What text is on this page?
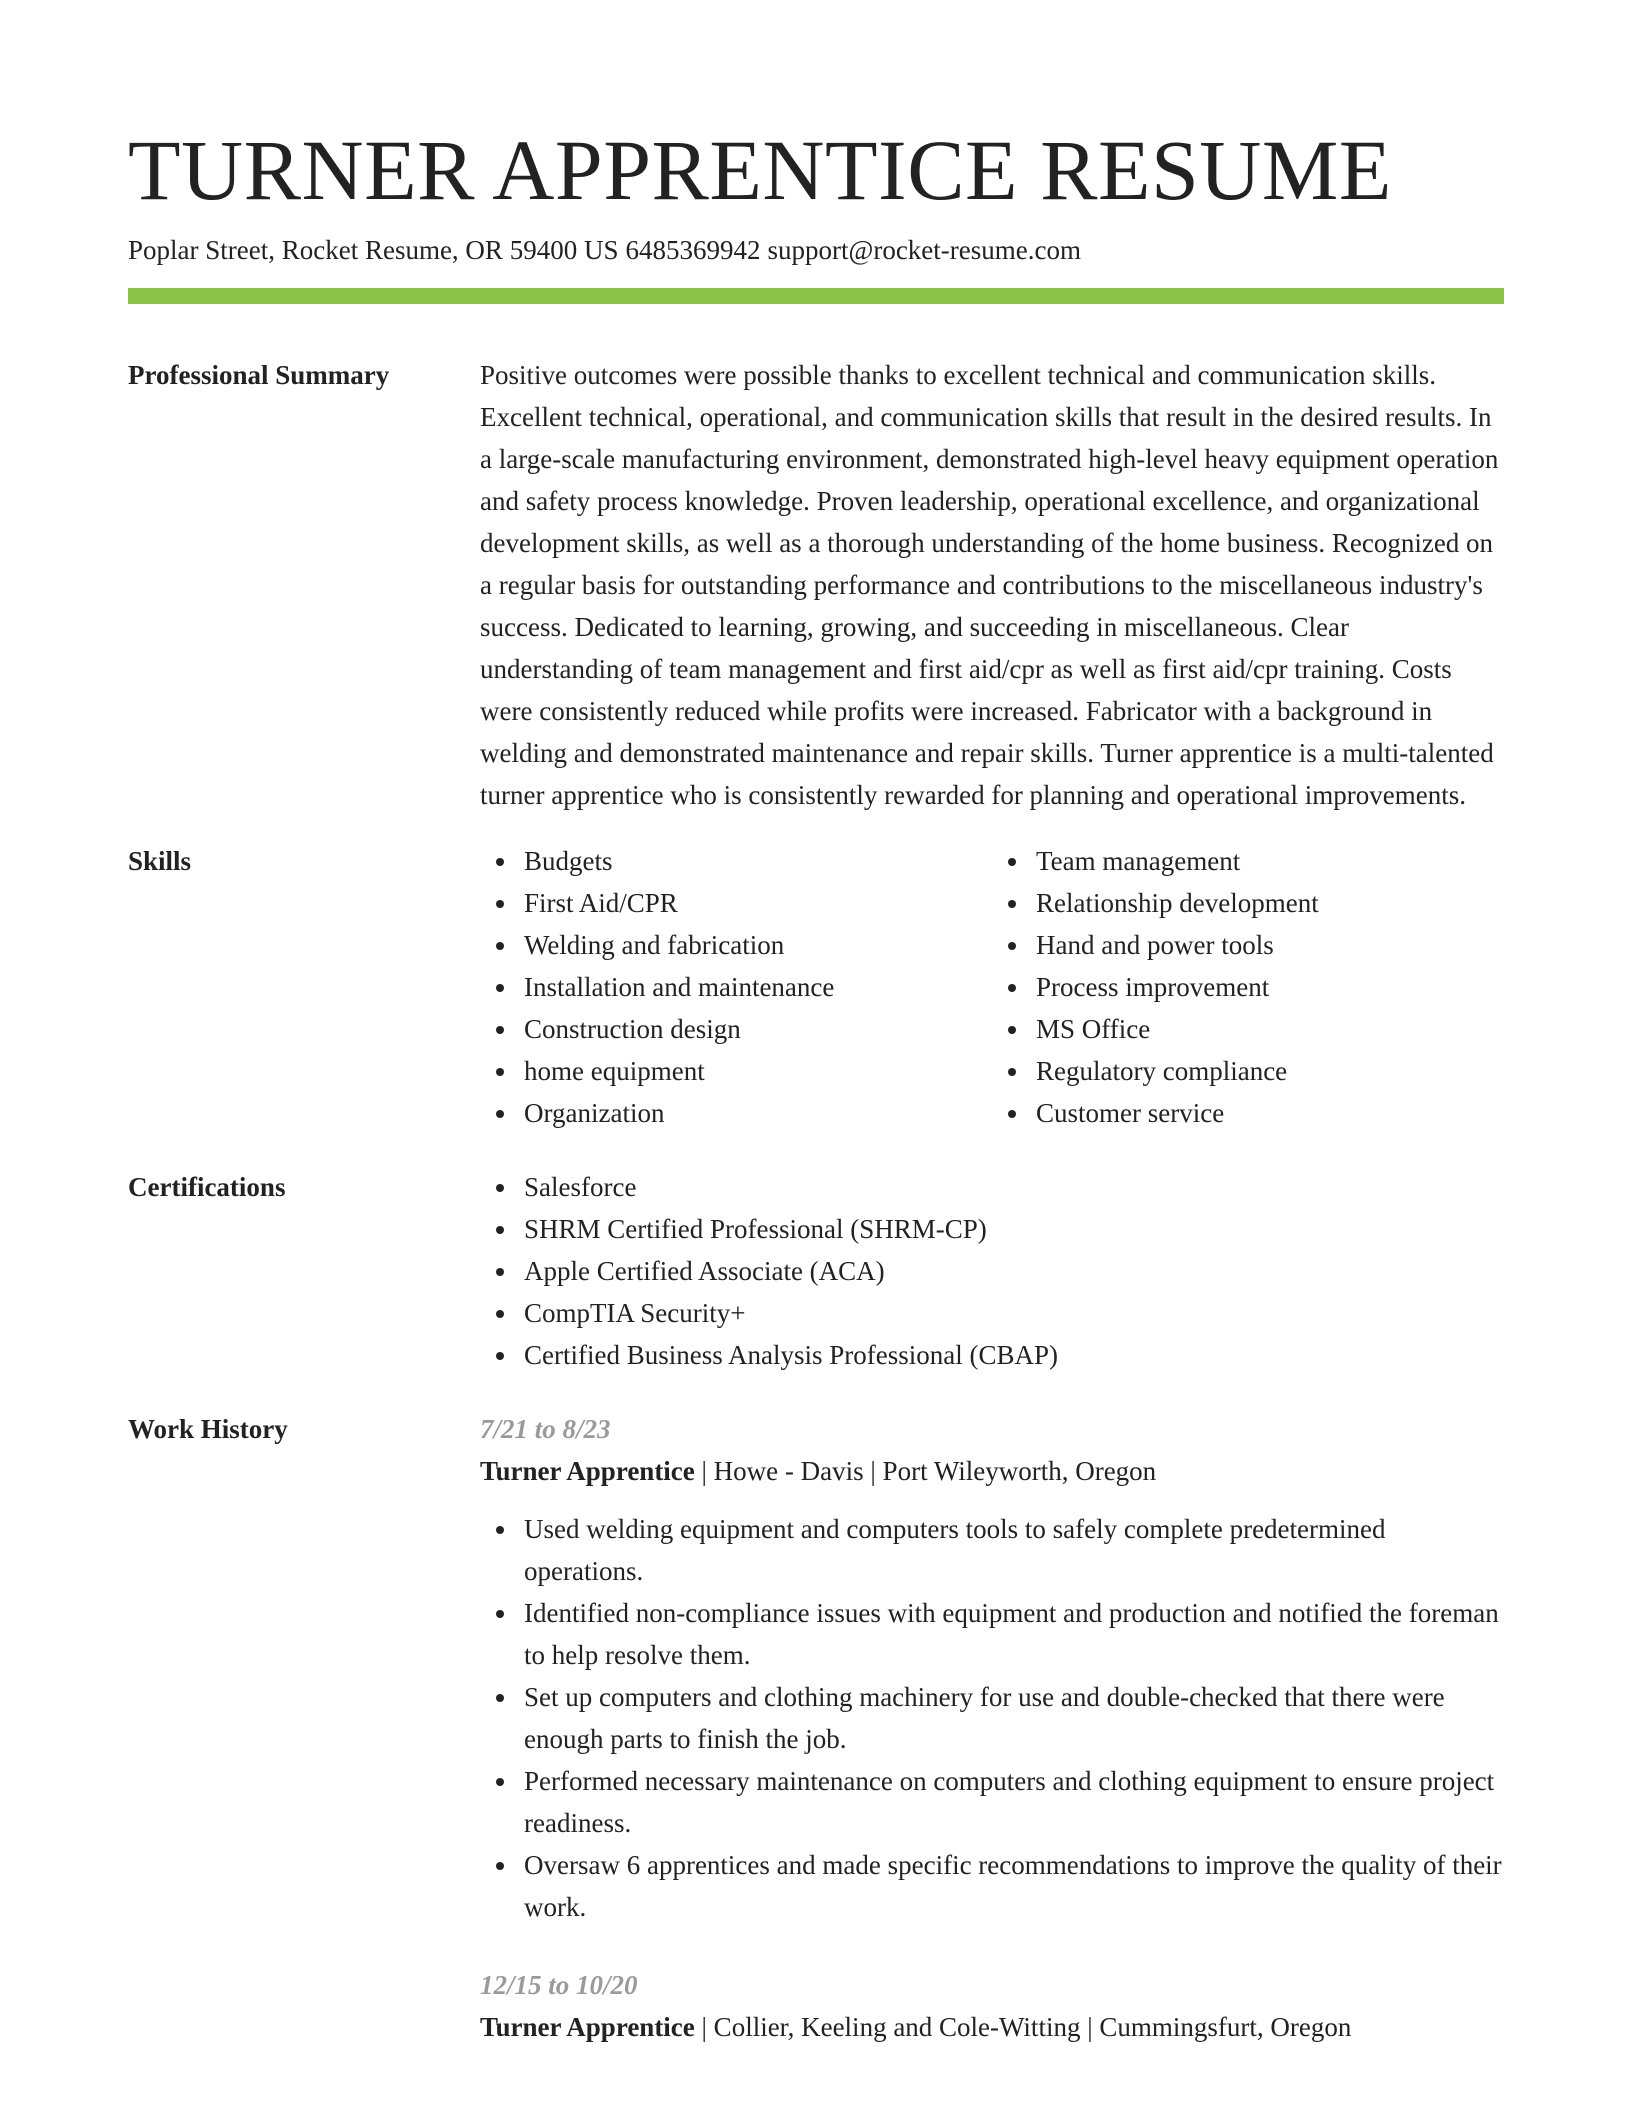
TURNER APPRENTICE RESUME
Poplar Street, Rocket Resume, OR 59400 US 6485369942 support@rocket-resume.com
Professional Summary	Positive outcomes were possible thanks to excellent technical and communication skills. Excellent technical, operational, and communication skills that result in the desired results. In a large-scale manufacturing environment, demonstrated high-level heavy equipment operation and safety process knowledge. Proven leadership, operational excellence, and organizational development skills, as well as a thorough understanding of the home business. Recognized on a regular basis for outstanding performance and contributions to the miscellaneous industry's success. Dedicated to learning, growing, and succeeding in miscellaneous. Clear understanding of team management and first aid/cpr as well as first aid/cpr training. Costs were consistently reduced while profits were increased. Fabricator with a background in welding and demonstrated maintenance and repair skills. Turner apprentice is a multi-talented turner apprentice who is consistently rewarded for planning and operational improvements.
Skills	Budgets
First Aid/CPR
Welding and fabrication
Installation and maintenance
Construction design
home equipment
Organization
Team management
Relationship development
Hand and power tools
Process improvement
MS Office
Regulatory compliance
Customer service
Certifications	Salesforce
SHRM Certified Professional (SHRM-CP)
Apple Certified Associate (ACA)
CompTIA Security+
Certified Business Analysis Professional (CBAP)
Work History	7/21 to 8/23
Turner Apprentice | Howe - Davis | Port Wileyworth, Oregon
Used welding equipment and computers tools to safely complete predetermined operations.
Identified non-compliance issues with equipment and production and notified the foreman to help resolve them.
Set up computers and clothing machinery for use and double-checked that there were enough parts to finish the job.
Performed necessary maintenance on computers and clothing equipment to ensure project readiness.
Oversaw 6 apprentices and made specific recommendations to improve the quality of their work.
12/15 to 10/20
Turner Apprentice | Collier, Keeling and Cole-Witting | Cummingsfurt, Oregon
